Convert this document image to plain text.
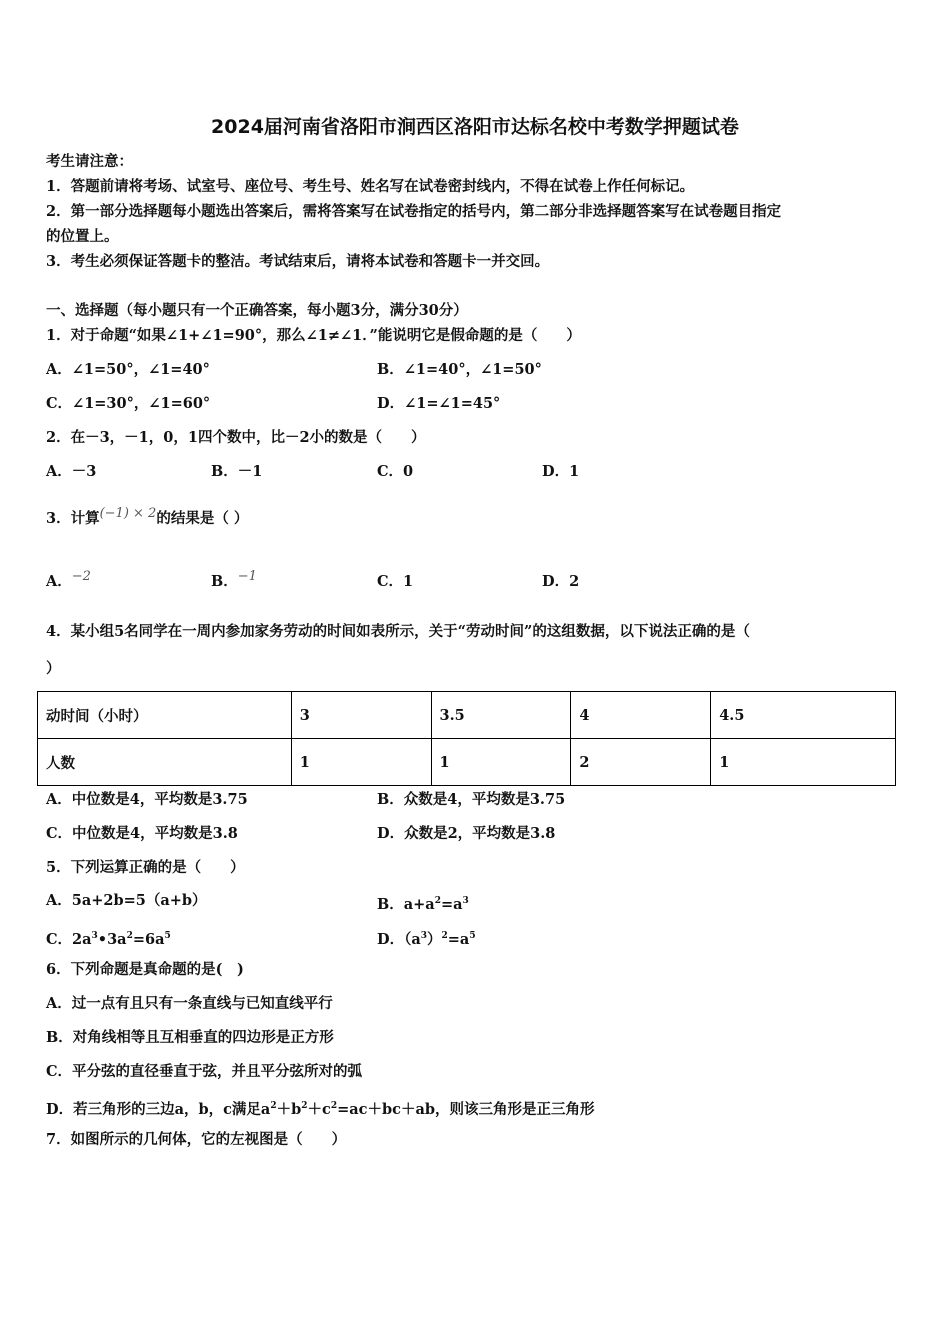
2024届河南省洛阳市涧西区洛阳市达标名校中考数学押题试卷
考生请注意：
1．答题前请将考场、试室号、座位号、考生号、姓名写在试卷密封线内，不得在试卷上作任何标记。
2．第一部分选择题每小题选出答案后，需将答案写在试卷指定的括号内，第二部分非选择题答案写在试卷题目指定
的位置上。
3．考生必须保证答题卡的整洁。考试结束后，请将本试卷和答题卡一并交回。
一、选择题（每小题只有一个正确答案，每小题3分，满分30分）
1．对于命题“如果∠1+∠1=90°，那么∠1≠∠1．”能说明它是假命题的是（　　）
A．∠1=50°，∠1=40°	B．∠1=40°，∠1=50°
C．∠1=30°，∠1=60°	D．∠1=∠1=45°
2．在－3，－1，0，1四个数中，比－2小的数是（　　）
A．－3	B．－1	C．0	D．1
3．计算(−1) × 2的结果是（ ）
A．−2	B．−1	C．1	D．2
4．某小组5名同学在一周内参加家务劳动的时间如表所示，关于“劳动时间”的这组数据，以下说法正确的是（
）
动时间（小时）	3	3.5	4	4.5
人数	1	1	2	1
A．中位数是4，平均数是3.75	B．众数是4，平均数是3.75
C．中位数是4，平均数是3.8	D．众数是2，平均数是3.8
5．下列运算正确的是（　　）
A．5a+2b=5（a+b）	B．$a+a^2=a^3$
C．$2a^3•3a^2=6a^5$	D．$(a^3)^2=a^5$
6．下列命题是真命题的是(　)
A．过一点有且只有一条直线与已知直线平行
B．对角线相等且互相垂直的四边形是正方形
C．平分弦的直径垂直于弦，并且平分弦所对的弧
D．若三角形的三边a，b，c满足$a^2+b^2+c^2=ac+bc+ab$，则该三角形是正三角形
7．如图所示的几何体，它的左视图是（　　）
